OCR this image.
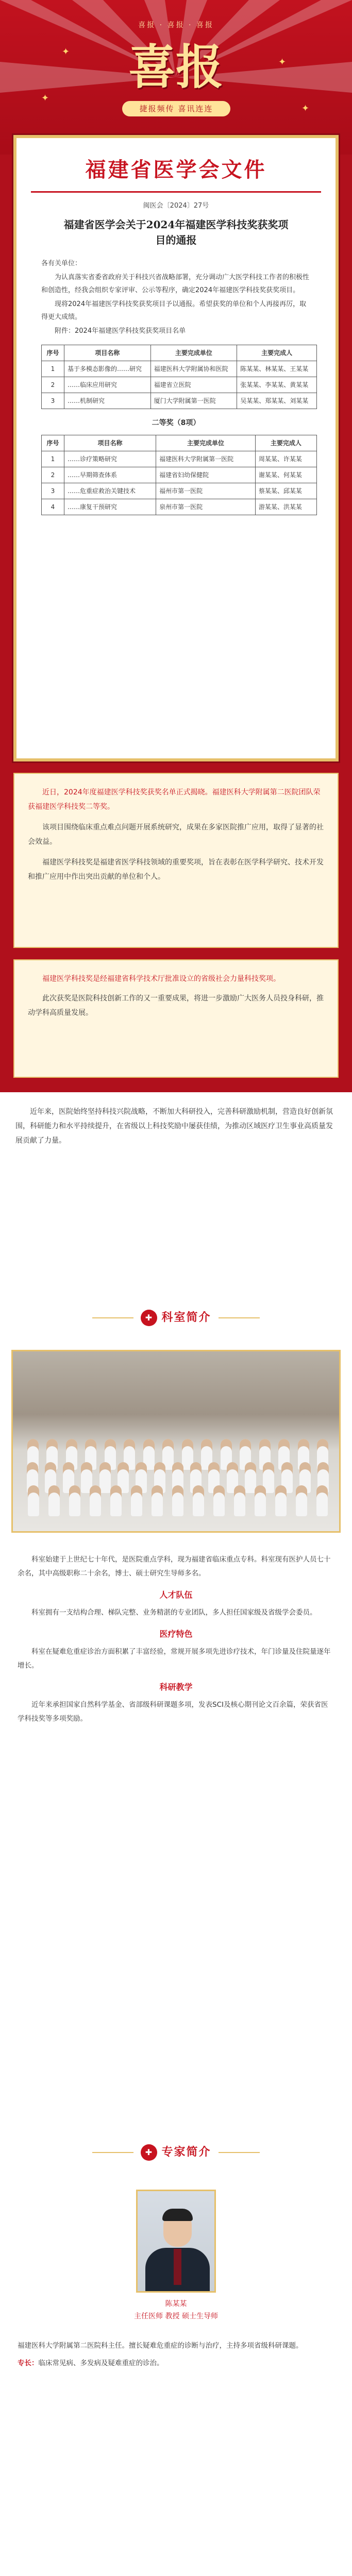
✦
✦
✦
✦
喜报 · 喜报 · 喜报
喜报
捷报频传 喜讯连连
福建省医学会文件
闽医会〔2024〕27号
福建省医学会关于2024年福建医学科技奖获奖项目的通报

各有关单位：

为认真落实省委省政府关于科技兴省战略部署，充分调动广大医学科技工作者的积极性和创造性，经我会组织专家评审、公示等程序，确定2024年福建医学科技奖获奖项目。

现将2024年福建医学科技奖获奖项目予以通报。希望获奖的单位和个人再接再厉，取得更大成绩。

附件：2024年福建医学科技奖获奖项目名单

序号	项目名称	主要完成单位	主要完成人
1	基于多模态影像的……研究	福建医科大学附属协和医院	陈某某、林某某、王某某
2	……临床应用研究	福建省立医院	张某某、李某某、黄某某
3	……机制研究	厦门大学附属第一医院	吴某某、郑某某、刘某某
二等奖（8项）
序号	项目名称	主要完成单位	主要完成人
1	……诊疗策略研究	福建医科大学附属第一医院	周某某、许某某
2	……早期筛查体系	福建省妇幼保健院	谢某某、何某某
3	……危重症救治关键技术	福州市第一医院	蔡某某、邱某某
4	……康复干预研究	泉州市第一医院	游某某、洪某某

近日，2024年度福建医学科技奖获奖名单正式揭晓。福建医科大学附属第二医院团队荣获福建医学科技奖二等奖。

该项目围绕临床重点难点问题开展系统研究，成果在多家医院推广应用，取得了显著的社会效益。

福建医学科技奖是福建省医学科技领域的重要奖项，旨在表彰在医学科学研究、技术开发和推广应用中作出突出贡献的单位和个人。

福建医学科技奖是经福建省科学技术厅批准设立的省级社会力量科技奖项。

此次获奖是医院科技创新工作的又一重要成果，将进一步激励广大医务人员投身科研，推动学科高质量发展。

近年来，医院始终坚持科技兴院战略，不断加大科研投入，完善科研激励机制，营造良好创新氛围，科研能力和水平持续提升，在省级以上科技奖励中屡获佳绩，为推动区域医疗卫生事业高质量发展贡献了力量。

✚ 科室简介

科室始建于上世纪七十年代，是医院重点学科，现为福建省临床重点专科。科室现有医护人员七十余名，其中高级职称二十余名，博士、硕士研究生导师多名。

人才队伍

科室拥有一支结构合理、梯队完整、业务精湛的专业团队，多人担任国家级及省级学会委员。

医疗特色

科室在疑难危重症诊治方面积累了丰富经验，常规开展多项先进诊疗技术，年门诊量及住院量逐年增长。

科研教学

近年来承担国家自然科学基金、省部级科研课题多项，发表SCI及核心期刊论文百余篇，荣获省医学科技奖等多项奖励。

✚ 专家简介
陈某某
主任医师 教授 硕士生导师
福建医科大学附属第二医院科主任。擅长疑难危重症的诊断与治疗，主持多项省级科研课题。
专长：临床常见病、多发病及疑难重症的诊治。
